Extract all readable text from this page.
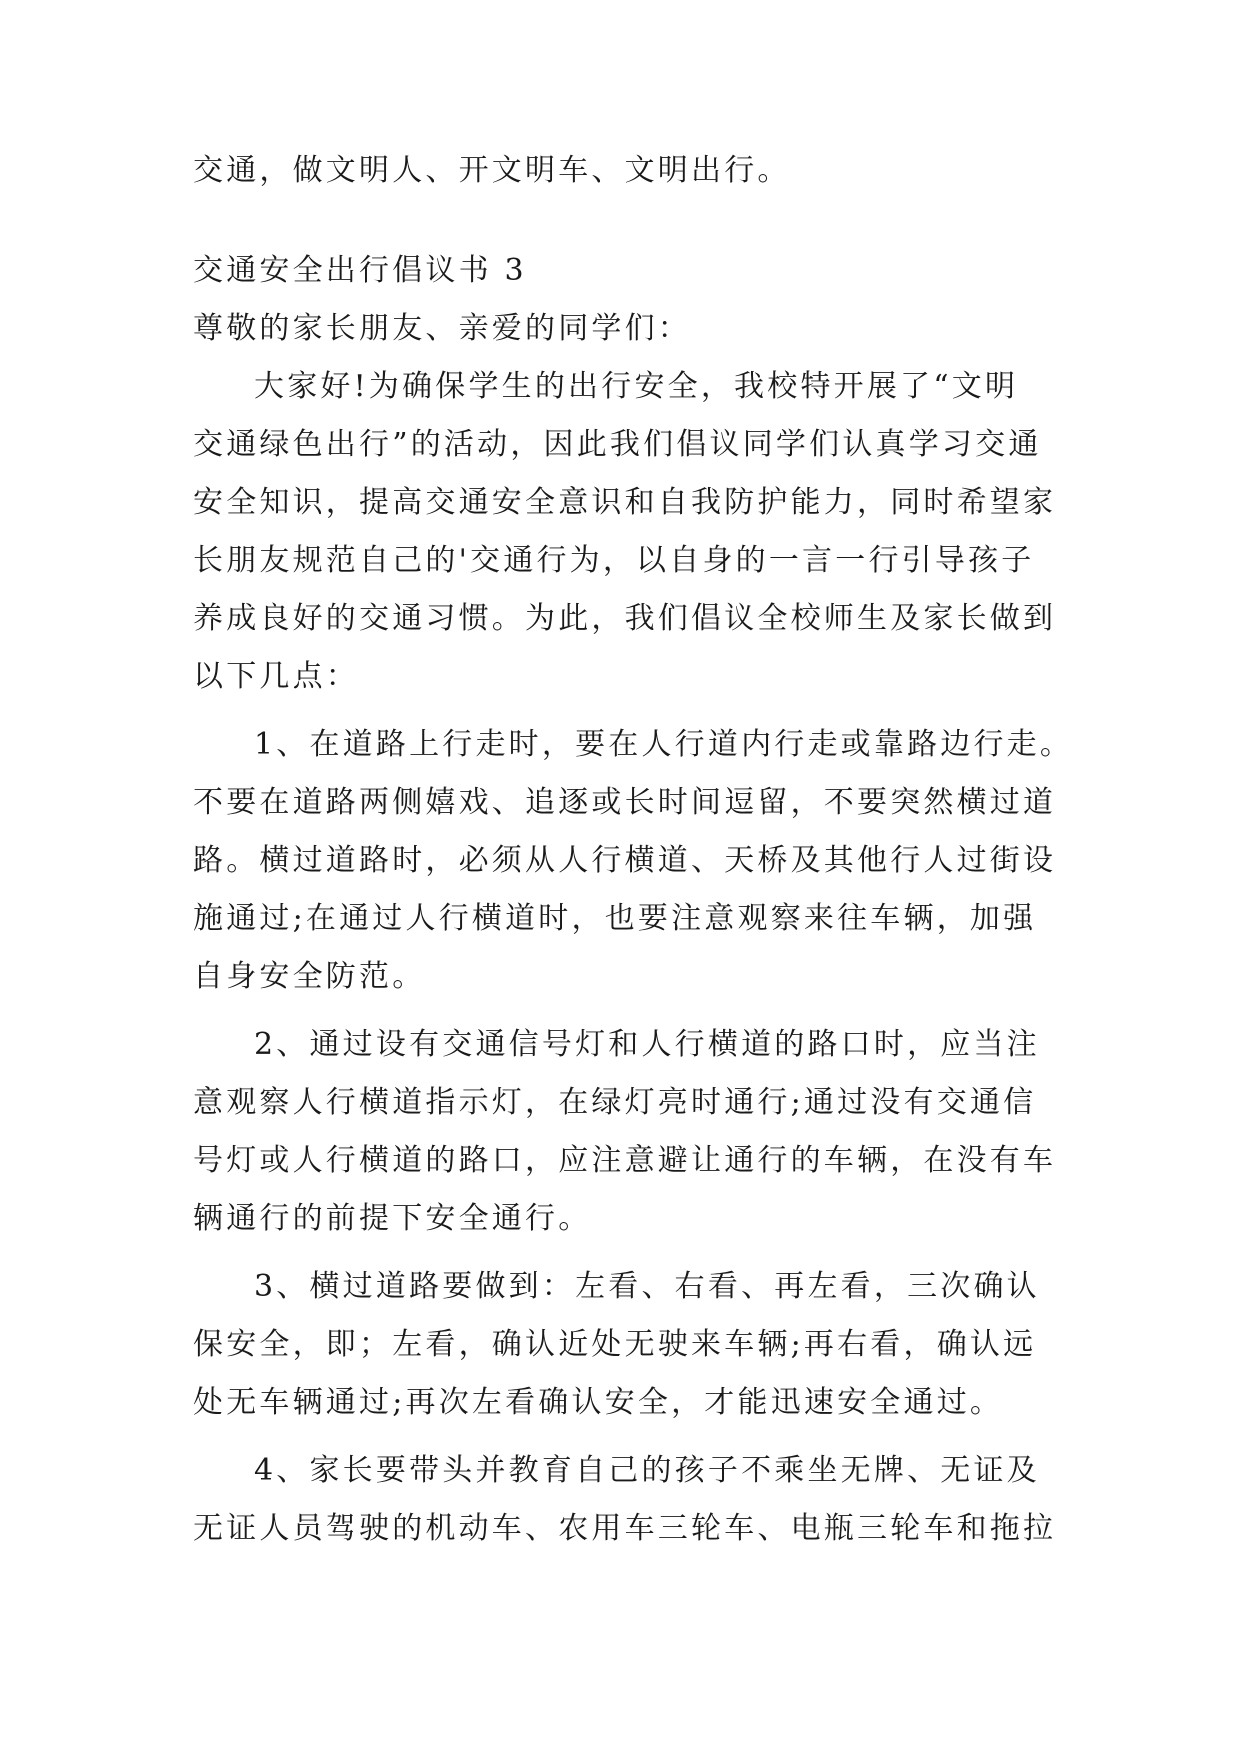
交通，做文明人、开文明车、文明出行。
交通安全出行倡议书 3
尊敬的家长朋友、亲爱的同学们：
大家好!为确保学生的出行安全，我校特开展了“文明
交通绿色出行”的活动，因此我们倡议同学们认真学习交通
安全知识，提高交通安全意识和自我防护能力，同时希望家
长朋友规范自己的'交通行为，以自身的一言一行引导孩子
养成良好的交通习惯。为此，我们倡议全校师生及家长做到
以下几点：
1、在道路上行走时，要在人行道内行走或靠路边行走。
不要在道路两侧嬉戏、追逐或长时间逗留，不要突然横过道
路。横过道路时，必须从人行横道、天桥及其他行人过街设
施通过;在通过人行横道时，也要注意观察来往车辆，加强
自身安全防范。
2、通过设有交通信号灯和人行横道的路口时，应当注
意观察人行横道指示灯，在绿灯亮时通行;通过没有交通信
号灯或人行横道的路口，应注意避让通行的车辆，在没有车
辆通行的前提下安全通行。
3、横过道路要做到：左看、右看、再左看，三次确认
保安全，即；左看，确认近处无驶来车辆;再右看，确认远
处无车辆通过;再次左看确认安全，才能迅速安全通过。
4、家长要带头并教育自己的孩子不乘坐无牌、无证及
无证人员驾驶的机动车、农用车三轮车、电瓶三轮车和拖拉
